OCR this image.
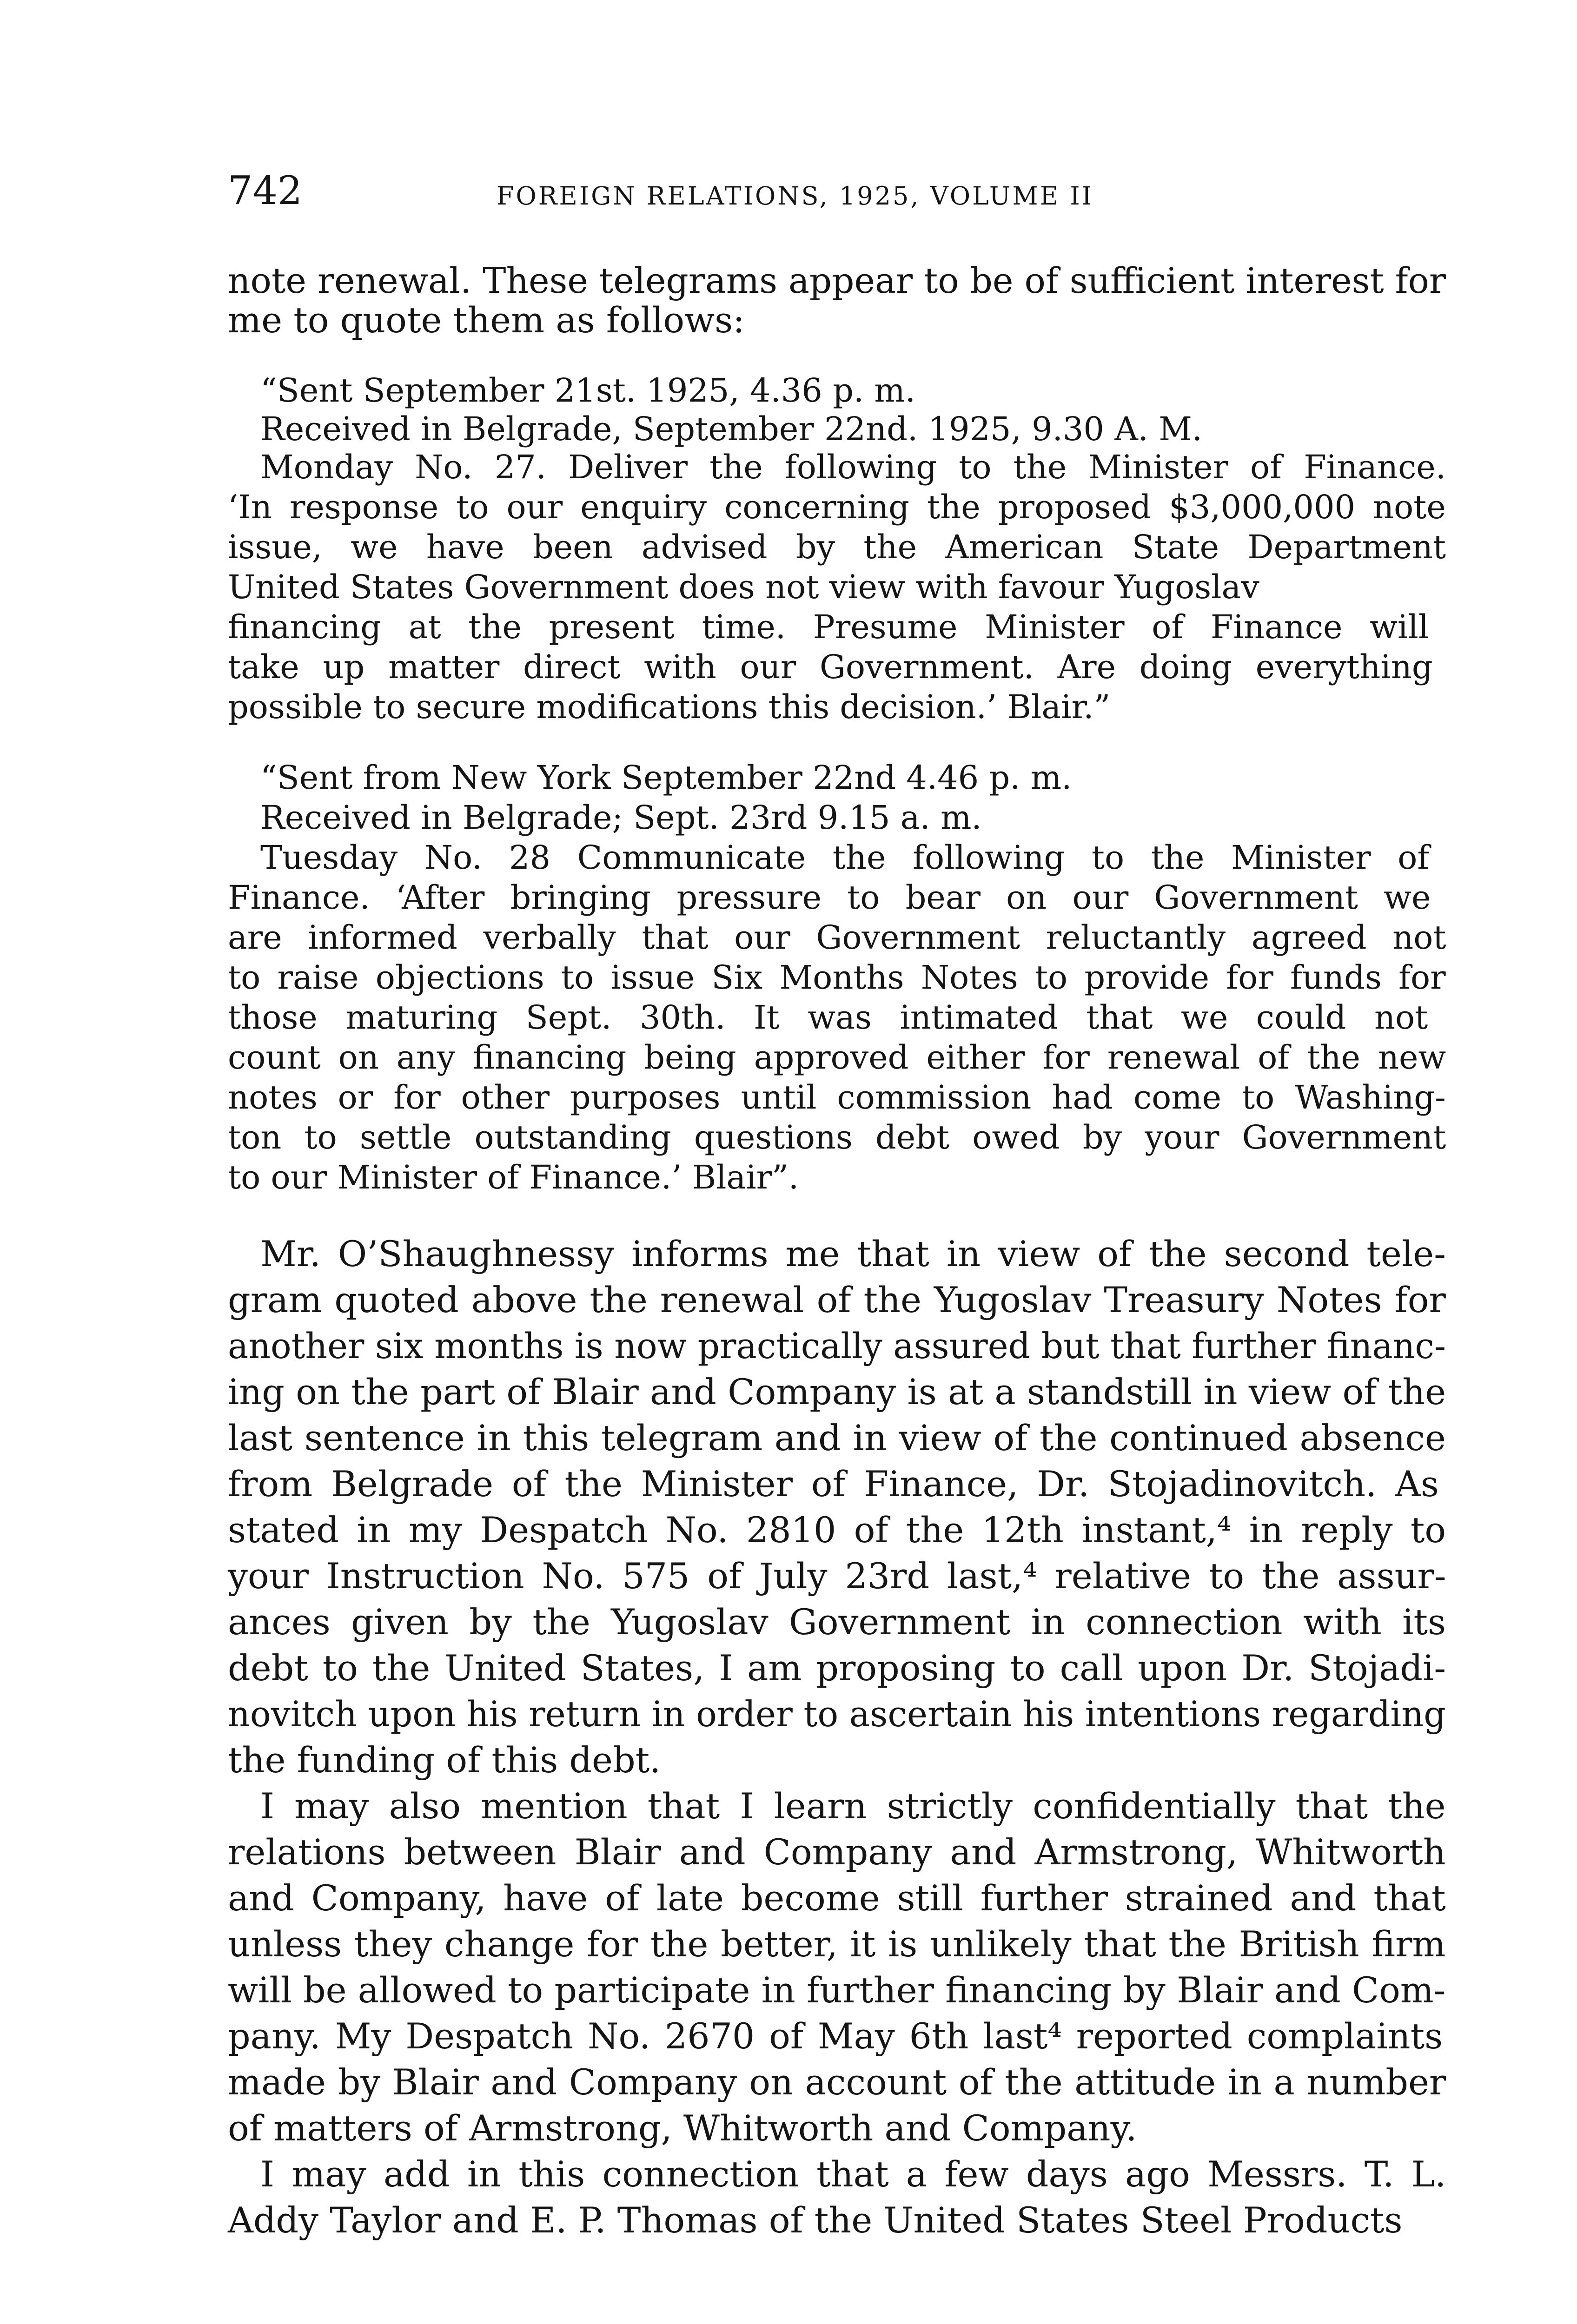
742	FOREIGN RELATIONS, 1925, VOLUME II
note renewal. These telegrams appear to be of sufficient interest for
me to quote them as follows:
“Sent September 21st. 1925, 4.36 p. m.
Received in Belgrade, September 22nd. 1925, 9.30 A. M.
Monday No. 27. Deliver the following to the Minister of Finance.
‘In response to our enquiry concerning the proposed $3,000,000 note
issue, we have been advised by the American State Department
United States Government does not view with favour Yugoslav
financing at the present time. Presume Minister of Finance will
take up matter direct with our Government. Are doing everything
possible to secure modifications this decision.’ Blair.”
“Sent from New York September 22nd 4.46 p. m.
Received in Belgrade; Sept. 23rd 9.15 a. m.
Tuesday No. 28 Communicate the following to the Minister of
Finance. ‘After bringing pressure to bear on our Government we
are informed verbally that our Government reluctantly agreed not
to raise objections to issue Six Months Notes to provide for funds for
those maturing Sept. 30th. It was intimated that we could not
count on any financing being approved either for renewal of the new
notes or for other purposes until commission had come to Washing-
ton to settle outstanding questions debt owed by your Government
to our Minister of Finance.’ Blair”.
Mr. O’Shaughnessy informs me that in view of the second tele-
gram quoted above the renewal of the Yugoslav Treasury Notes for
another six months is now practically assured but that further financ-
ing on the part of Blair and Company is at a standstill in view of the
last sentence in this telegram and in view of the continued absence
from Belgrade of the Minister of Finance, Dr. Stojadinovitch. As
stated in my Despatch No. 2810 of the 12th instant,⁴ in reply to
your Instruction No. 575 of July 23rd last,⁴ relative to the assur-
ances given by the Yugoslav Government in connection with its
debt to the United States, I am proposing to call upon Dr. Stojadi-
novitch upon his return in order to ascertain his intentions regarding
the funding of this debt.
I may also mention that I learn strictly confidentially that the
relations between Blair and Company and Armstrong, Whitworth
and Company, have of late become still further strained and that
unless they change for the better, it is unlikely that the British firm
will be allowed to participate in further financing by Blair and Com-
pany. My Despatch No. 2670 of May 6th last⁴ reported complaints
made by Blair and Company on account of the attitude in a number
of matters of Armstrong, Whitworth and Company.
I may add in this connection that a few days ago Messrs. T. L.
Addy Taylor and E. P. Thomas of the United States Steel Products
